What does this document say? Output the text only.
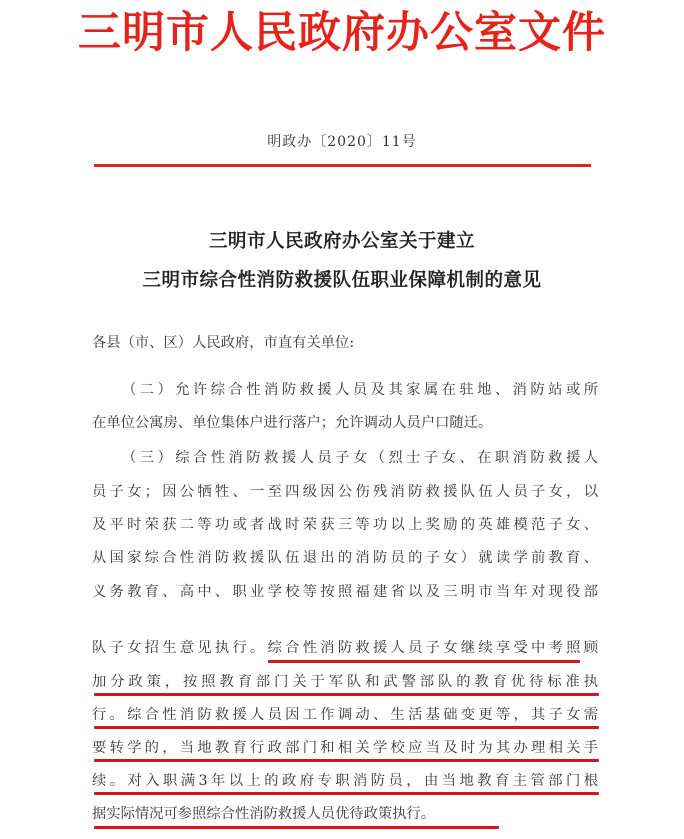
三明市人民政府办公室文件
明政办〔2020〕11号
三明市人民政府办公室关于建立
三明市综合性消防救援队伍职业保障机制的意见
各县（市、区）人民政府，市直有关单位:
（二）允许综合性消防救援人员及其家属在驻地、消防站或所
在单位公寓房、单位集体户进行落户；允许调动人员户口随迁。
（三）综合性消防救援人员子女（烈士子女、在职消防救援人
员子女；因公牺牲、一至四级因公伤残消防救援队伍人员子女，以
及平时荣获二等功或者战时荣获三等功以上奖励的英雄模范子女、
从国家综合性消防救援队伍退出的消防员的子女）就读学前教育、
义务教育、高中、职业学校等按照福建省以及三明市当年对现役部
队子女招生意见执行。综合性消防救援人员子女继续享受中考照顾
加分政策，按照教育部门关于军队和武警部队的教育优待标准执
行。综合性消防救援人员因工作调动、生活基础变更等，其子女需
要转学的，当地教育行政部门和相关学校应当及时为其办理相关手
续。对入职满3年以上的政府专职消防员，由当地教育主管部门根
据实际情况可参照综合性消防救援人员优待政策执行。
